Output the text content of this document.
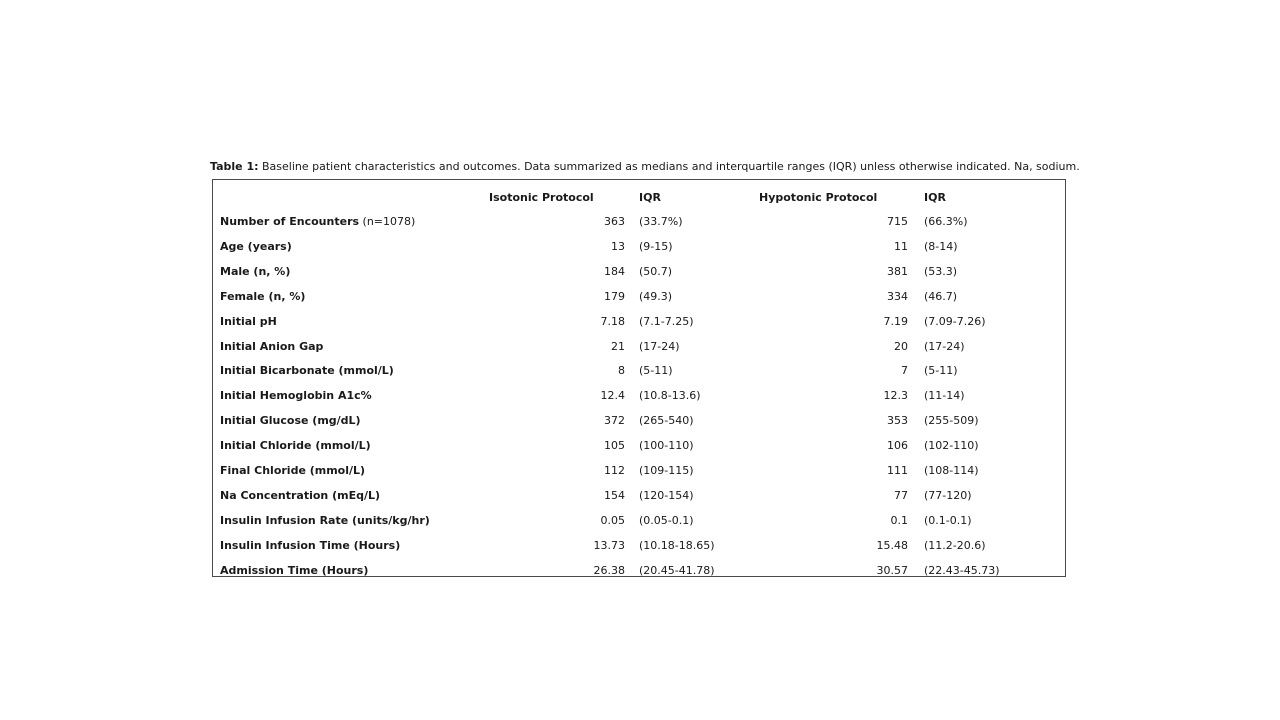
Table 1: Baseline patient characteristics and outcomes. Data summarized as medians and interquartile ranges (IQR) unless otherwise indicated. Na, sodium.
Isotonic Protocol	IQR	Hypotonic Protocol	IQR
Number of Encounters (n=1078)	363 (33.7%)	715 (66.3%)
Age (years)	13 (9-15)	11 (8-14)
Male (n, %)	184 (50.7)	381 (53.3)
Female (n, %)	179 (49.3)	334 (46.7)
Initial pH	7.18 (7.1-7.25)	7.19 (7.09-7.26)
Initial Anion Gap	21 (17-24)	20 (17-24)
Initial Bicarbonate (mmol/L)	8 (5-11)	7 (5-11)
Initial Hemoglobin A1c%	12.4 (10.8-13.6)	12.3 (11-14)
Initial Glucose (mg/dL)	372 (265-540)	353 (255-509)
Initial Chloride (mmol/L)	105 (100-110)	106 (102-110)
Final Chloride (mmol/L)	112 (109-115)	111 (108-114)
Na Concentration (mEq/L)	154 (120-154)	77 (77-120)
Insulin Infusion Rate (units/kg/hr)	0.05 (0.05-0.1)	0.1 (0.1-0.1)
Insulin Infusion Time (Hours)	13.73 (10.18-18.65)	15.48 (11.2-20.6)
Admission Time (Hours)	26.38 (20.45-41.78)	30.57 (22.43-45.73)
